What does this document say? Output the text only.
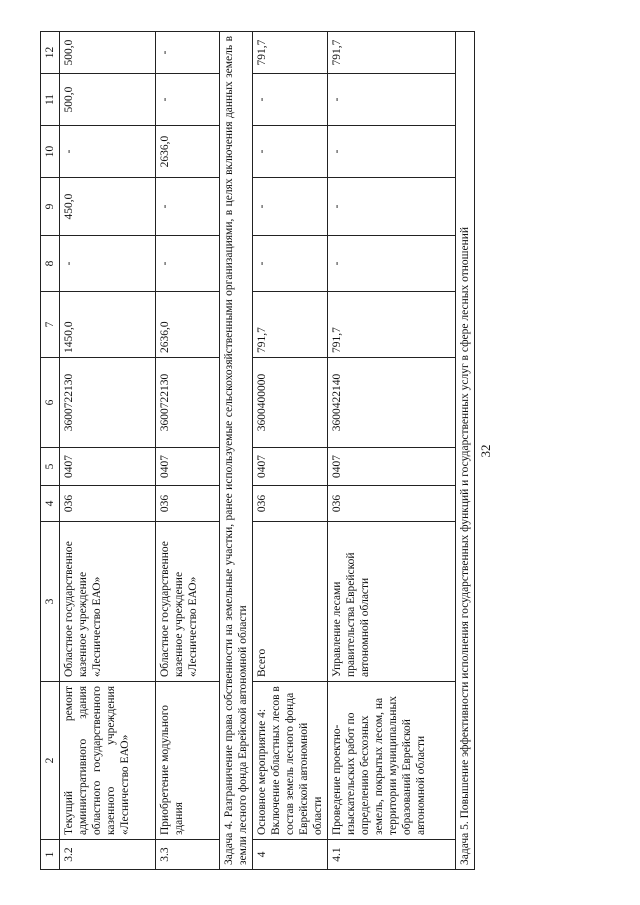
1	2	3	4	5	6	7	8	9	10	11	12
3.2	Текущий ремонт административного здания областного государственного казенного учреждения «Лесничество ЕАО»	Областное государственное казенное учреждение «Лесничество ЕАО»	036	0407	3600722130	1450,0	-	450,0	-	500,0	500,0
3.3	Приобретение модульного здания	Областное государственное казенное учреждение «Лесничество ЕАО»	036	0407	3600722130	2636,0	-	-	2636,0	-	-
Задача 4. Разграничение права собственности на земельные участки, ранее используемые сельскохозяйственными организациями, в целях включения данных земель в земли лесного фонда Еврейской автономной области											
4	Основное мероприятие 4: Включение областных лесов в состав земель лесного фонда Еврейской автономной области	Всего	036	0407	3600400000	791,7	-	-	-	-	791,7
4.1	Проведение проектно-изыскательских работ по определению бесхозных земель, покрытых лесом, на территории муниципальных образований Еврейской автономной области	Управление лесами правительства Еврейской автономной области	036	0407	3600422140	791,7	-	-	-	-	791,7
Задача 5. Повышение эффективности исполнения государственных функций и государственных услуг в сфере лесных отношений											32
